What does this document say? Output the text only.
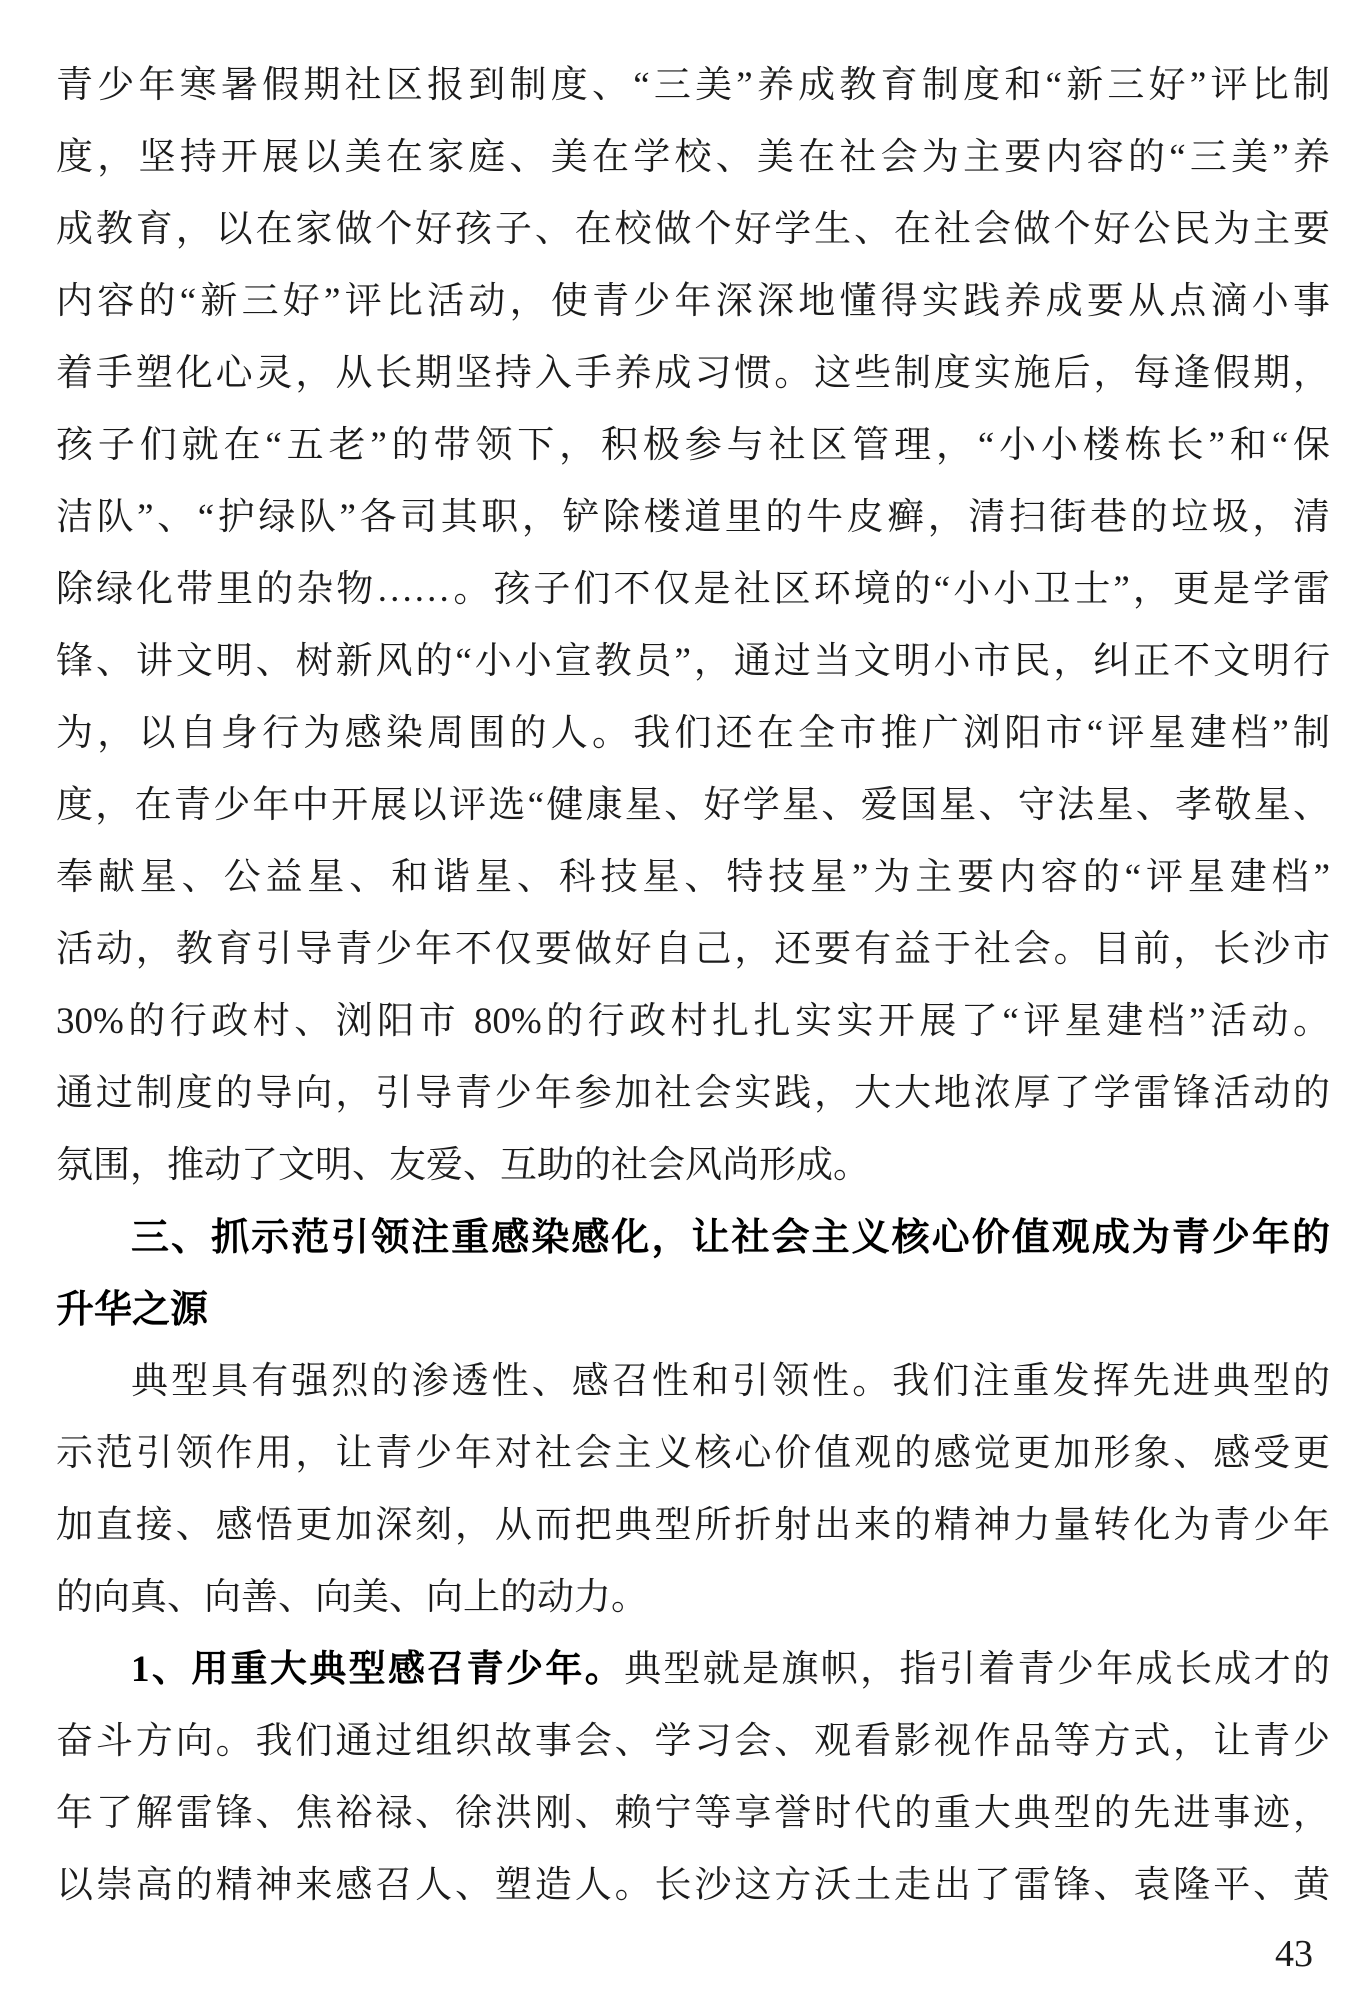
青少年寒暑假期社区报到制度、“三美”养成教育制度和“新三好”评比制
度，坚持开展以美在家庭、美在学校、美在社会为主要内容的“三美”养
成教育，以在家做个好孩子、在校做个好学生、在社会做个好公民为主要
内容的“新三好”评比活动，使青少年深深地懂得实践养成要从点滴小事
着手塑化心灵，从长期坚持入手养成习惯。这些制度实施后，每逢假期，
孩子们就在“五老”的带领下，积极参与社区管理，“小小楼栋长”和“保
洁队”、“护绿队”各司其职，铲除楼道里的牛皮癣，清扫街巷的垃圾，清
除绿化带里的杂物……。孩子们不仅是社区环境的“小小卫士”，更是学雷
锋、讲文明、树新风的“小小宣教员”，通过当文明小市民，纠正不文明行
为，以自身行为感染周围的人。我们还在全市推广浏阳市“评星建档”制
度，在青少年中开展以评选“健康星、好学星、爱国星、守法星、孝敬星、
奉献星、公益星、和谐星、科技星、特技星”为主要内容的“评星建档”
活动，教育引导青少年不仅要做好自己，还要有益于社会。目前，长沙市
30%的行政村、浏阳市 80%的行政村扎扎实实开展了“评星建档”活动。
通过制度的导向，引导青少年参加社会实践，大大地浓厚了学雷锋活动的
氛围，推动了文明、友爱、互助的社会风尚形成。
三、抓示范引领注重感染感化，让社会主义核心价值观成为青少年的
升华之源
典型具有强烈的渗透性、感召性和引领性。我们注重发挥先进典型的
示范引领作用，让青少年对社会主义核心价值观的感觉更加形象、感受更
加直接、感悟更加深刻，从而把典型所折射出来的精神力量转化为青少年
的向真、向善、向美、向上的动力。
1、用重大典型感召青少年。典型就是旗帜，指引着青少年成长成才的
奋斗方向。我们通过组织故事会、学习会、观看影视作品等方式，让青少
年了解雷锋、焦裕禄、徐洪刚、赖宁等享誉时代的重大典型的先进事迹，
以崇高的精神来感召人、塑造人。长沙这方沃土走出了雷锋、袁隆平、黄
43
